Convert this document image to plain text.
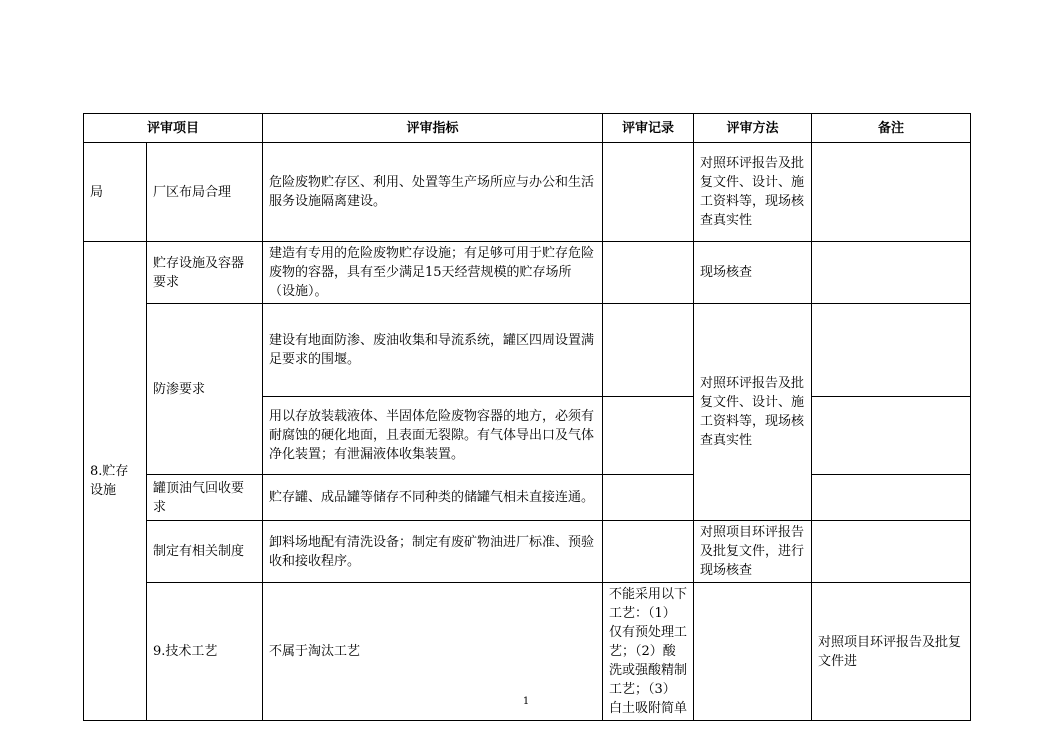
评审项目		评审指标	评审记录	评审方法	备注	
局	厂区布局合理	危险废物贮存区、利用、处置等生产场所应与办公和生活服务设施隔离建设。		对照环评报告及批复文件、设计、施工资料等，现场核查真实性		
8.贮存设施	贮存设施及容器要求	建造有专用的危险废物贮存设施；有足够可用于贮存危险废物的容器，具有至少满足15天经营规模的贮存场所（设施）。		现场核查		
	防渗要求	建设有地面防渗、废油收集和导流系统，罐区四周设置满足要求的围堰。		对照环评报告及批复文件、设计、施工资料等，现场核查真实性		
		用以存放装载液体、半固体危险废物容器的地方，必须有耐腐蚀的硬化地面，且表面无裂隙。有气体导出口及气体净化装置；有泄漏液体收集装置。				
	罐顶油气回收要求	贮存罐、成品罐等储存不同种类的储罐气相未直接连通。				
	制定有相关制度	卸料场地配有清洗设备；制定有废矿物油进厂标准、预验收和接收程序。		对照项目环评报告及批复文件，进行现场核查		
	9.技术工艺	不属于淘汰工艺	不能采用以下工艺：（1）仅有预处理工艺；（2）酸洗或强酸精制工艺；（3）白土吸附简单		对照项目环评报告及批复文件进	
1
